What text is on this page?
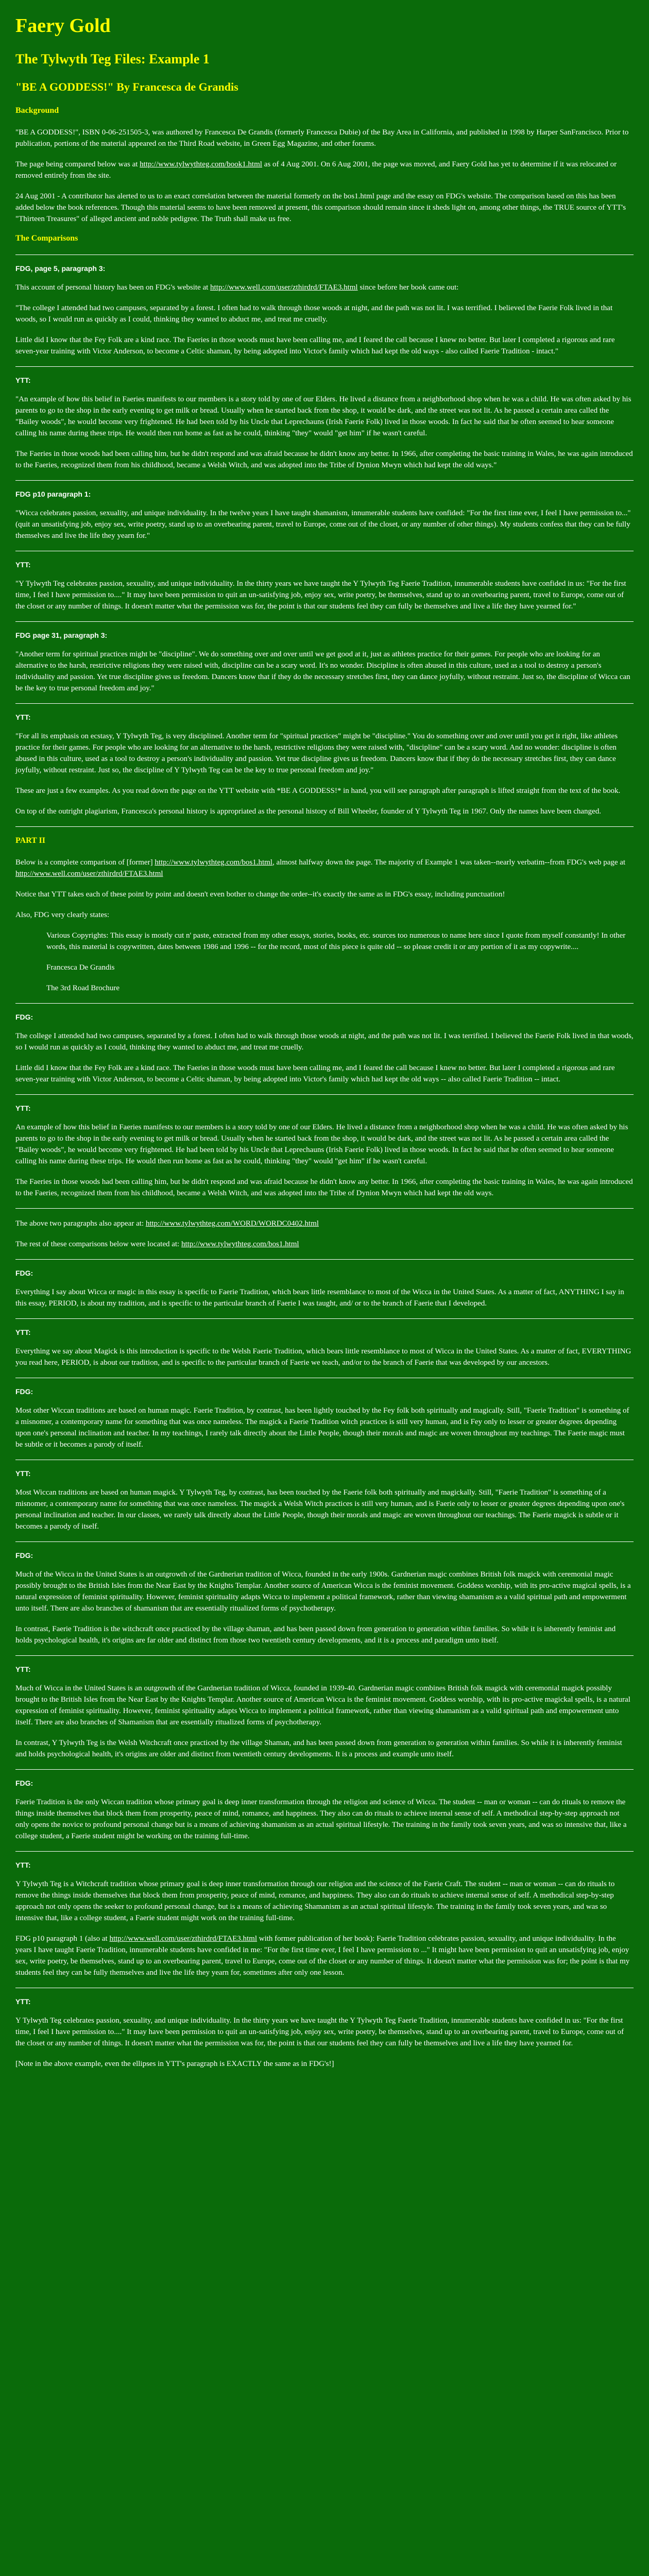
Faery Gold
The Tylwyth Teg Files: Example 1
"BE A GODDESS!" By Francesca de Grandis
Background

"BE A GODDESS!", ISBN 0-06-251505-3, was authored by Francesca De Grandis (formerly Francesca Dubie) of the Bay Area in California, and published in 1998 by Harper SanFrancisco. Prior to publication, portions of the material appeared on the Third Road website, in Green Egg Magazine, and other forums.

The page being compared below was at http://www.tylwythteg.com/book1.html as of 4 Aug 2001. On 6 Aug 2001, the page was moved, and Faery Gold has yet to determine if it was relocated or removed entirely from the site.

24 Aug 2001 - A contributor has alerted to us to an exact correlation between the material formerly on the bos1.html page and the essay on FDG's website. The comparison based on this has been added below the book references. Though this material seems to have been removed at present, this comparison should remain since it sheds light on, among other things, the TRUE source of YTT's "Thirteen Treasures" of alleged ancient and noble pedigree. The Truth shall make us free.

The Comparisons
FDG, page 5, paragraph 3:

This account of personal history has been on FDG's website at http://www.well.com/user/zthirdrd/FTAE3.html since before her book came out:

"The college I attended had two campuses, separated by a forest. I often had to walk through those woods at night, and the path was not lit. I was terrified. I believed the Faerie Folk lived in that woods, so I would run as quickly as I could, thinking they wanted to abduct me, and treat me cruelly.

Little did I know that the Fey Folk are a kind race. The Faeries in those woods must have been calling me, and I feared the call because I knew no better. But later I completed a rigorous and rare seven-year training with Victor Anderson, to become a Celtic shaman, by being adopted into Victor's family which had kept the old ways - also called Faerie Tradition - intact."

YTT:

"An example of how this belief in Faeries manifests to our members is a story told by one of our Elders. He lived a distance from a neighborhood shop when he was a child. He was often asked by his parents to go to the shop in the early evening to get milk or bread. Usually when he started back from the shop, it would be dark, and the street was not lit. As he passed a certain area called the "Bailey woods", he would become very frightened. He had been told by his Uncle that Leprechauns (Irish Faerie Folk) lived in those woods. In fact he said that he often seemed to hear someone calling his name during these trips. He would then run home as fast as he could, thinking "they" would "get him" if he wasn't careful.

The Faeries in those woods had been calling him, but he didn't respond and was afraid because he didn't know any better. In 1966, after completing the basic training in Wales, he was again introduced to the Faeries, recognized them from his childhood, became a Welsh Witch, and was adopted into the Tribe of Dynion Mwyn which had kept the old ways."

FDG p10 paragraph 1:

"Wicca celebrates passion, sexuality, and unique individuality. In the twelve years I have taught shamanism, innumerable students have confided: "For the first time ever, I feel I have permission to..." (quit an unsatisfying job, enjoy sex, write poetry, stand up to an overbearing parent, travel to Europe, come out of the closet, or any number of other things). My students confess that they can be fully themselves and live the life they yearn for."

YTT:

"Y Tylwyth Teg celebrates passion, sexuality, and unique individuality. In the thirty years we have taught the Y Tylwyth Teg Faerie Tradition, innumerable students have confided in us: "For the first time, I feel I have permission to...." It may have been permission to quit an un-satisfying job, enjoy sex, write poetry, be themselves, stand up to an overbearing parent, travel to Europe, come out of the closet or any number of things. It doesn't matter what the permission was for, the point is that our students feel they can fully be themselves and live a life they have yearned for."

FDG page 31, paragraph 3:

"Another term for spiritual practices might be "discipline". We do something over and over until we get good at it, just as athletes practice for their games. For people who are looking for an alternative to the harsh, restrictive religions they were raised with, discipline can be a scary word. It's no wonder. Discipline is often abused in this culture, used as a tool to destroy a person's individuality and passion. Yet true discipline gives us freedom. Dancers know that if they do the necessary stretches first, they can dance joyfully, without restraint. Just so, the discipline of Wicca can be the key to true personal freedom and joy."

YTT:

"For all its emphasis on ecstasy, Y Tylwyth Teg, is very disciplined. Another term for "spiritual practices" might be "discipline." You do something over and over until you get it right, like athletes practice for their games. For people who are looking for an alternative to the harsh, restrictive religions they were raised with, "discipline" can be a scary word. And no wonder: discipline is often abused in this culture, used as a tool to destroy a person's individuality and passion. Yet true discipline gives us freedom. Dancers know that if they do the necessary stretches first, they can dance joyfully, without restraint. Just so, the discipline of Y Tylwyth Teg can be the key to true personal freedom and joy."

These are just a few examples. As you read down the page on the YTT website with *BE A GODDESS!* in hand, you will see paragraph after paragraph is lifted straight from the text of the book.

On top of the outright plagiarism, Francesca's personal history is appropriated as the personal history of Bill Wheeler, founder of Y Tylwyth Teg in 1967. Only the names have been changed.

PART II

Below is a complete comparison of [former] http://www.tylwythteg.com/bos1.html, almost halfway down the page. The majority of Example 1 was taken--nearly verbatim--from FDG's web page at http://www.well.com/user/zthirdrd/FTAE3.html

Notice that YTT takes each of these point by point and doesn't even bother to change the order--it's exactly the same as in FDG's essay, including punctuation!

Also, FDG very clearly states:

Various Copyrights: This essay is mostly cut n' paste, extracted from my other essays, stories, books, etc. sources too numerous to name here since I quote from myself constantly! In other words, this material is copywritten, dates between 1986 and 1996 -- for the record, most of this piece is quite old -- so please credit it or any portion of it as my copywrite....

Francesca De Grandis

The 3rd Road Brochure

FDG:

The college I attended had two campuses, separated by a forest. I often had to walk through those woods at night, and the path was not lit. I was terrified. I believed the Faerie Folk lived in that woods, so I would run as quickly as I could, thinking they wanted to abduct me, and treat me cruelly.

Little did I know that the Fey Folk are a kind race. The Faeries in those woods must have been calling me, and I feared the call because I knew no better. But later I completed a rigorous and rare seven-year training with Victor Anderson, to become a Celtic shaman, by being adopted into Victor's family which had kept the old ways -- also called Faerie Tradition -- intact.

YTT:

An example of how this belief in Faeries manifests to our members is a story told by one of our Elders. He lived a distance from a neighborhood shop when he was a child. He was often asked by his parents to go to the shop in the early evening to get milk or bread. Usually when he started back from the shop, it would be dark, and the street was not lit. As he passed a certain area called the "Bailey woods", he would become very frightened. He had been told by his Uncle that Leprechauns (Irish Faerie Folk) lived in those woods. In fact he said that he often seemed to hear someone calling his name during these trips. He would then run home as fast as he could, thinking "they" would "get him" if he wasn't careful.

The Faeries in those woods had been calling him, but he didn't respond and was afraid because he didn't know any better. In 1966, after completing the basic training in Wales, he was again introduced to the Faeries, recognized them from his childhood, became a Welsh Witch, and was adopted into the Tribe of Dynion Mwyn which had kept the old ways.

The above two paragraphs also appear at: http://www.tylwythteg.com/WORD/WORDC0402.html

The rest of these comparisons below were located at: http://www.tylwythteg.com/bos1.html

FDG:

Everything I say about Wicca or magic in this essay is specific to Faerie Tradition, which bears little resemblance to most of the Wicca in the United States. As a matter of fact, ANYTHING I say in this essay, PERIOD, is about my tradition, and is specific to the particular branch of Faerie I was taught, and/ or to the branch of Faerie that I developed.

YTT:

Everything we say about Magick is this introduction is specific to the Welsh Faerie Tradition, which bears little resemblance to most of Wicca in the United States. As a matter of fact, EVERYTHING you read here, PERIOD, is about our tradition, and is specific to the particular branch of Faerie we teach, and/or to the branch of Faerie that was developed by our ancestors.

FDG:

Most other Wiccan traditions are based on human magic. Faerie Tradition, by contrast, has been lightly touched by the Fey folk both spiritually and magically. Still, "Faerie Tradition" is something of a misnomer, a contemporary name for something that was once nameless. The magick a Faerie Tradition witch practices is still very human, and is Fey only to lesser or greater degrees depending upon one's personal inclination and teacher. In my teachings, I rarely talk directly about the Little People, though their morals and magic are woven throughout my teachings. The Faerie magic must be subtle or it becomes a parody of itself.

YTT:

Most Wiccan traditions are based on human magick. Y Tylwyth Teg, by contrast, has been touched by the Faerie folk both spiritually and magickally. Still, "Faerie Tradition" is something of a misnomer, a contemporary name for something that was once nameless. The magick a Welsh Witch practices is still very human, and is Faerie only to lesser or greater degrees depending upon one's personal inclination and teacher. In our classes, we rarely talk directly about the Little People, though their morals and magic are woven throughout our teachings. The Faerie magick is subtle or it becomes a parody of itself.

FDG:

Much of the Wicca in the United States is an outgrowth of the Gardnerian tradition of Wicca, founded in the early 1900s. Gardnerian magic combines British folk magick with ceremonial magic possibly brought to the British Isles from the Near East by the Knights Templar. Another source of American Wicca is the feminist movement. Goddess worship, with its pro-active magical spells, is a natural expression of feminist spirituality. However, feminist spirituality adapts Wicca to implement a political framework, rather than viewing shamanism as a valid spiritual path and empowerment unto itself. There are also branches of shamanism that are essentially ritualized forms of psychotherapy.

In contrast, Faerie Tradition is the witchcraft once practiced by the village shaman, and has been passed down from generation to generation within families. So while it is inherently feminist and holds psychological health, it's origins are far older and distinct from those two twentieth century developments, and it is a process and paradigm unto itself.

YTT:

Much of Wicca in the United States is an outgrowth of the Gardnerian tradition of Wicca, founded in 1939-40. Gardnerian magic combines British folk magick with ceremonial magick possibly brought to the British Isles from the Near East by the Knights Templar. Another source of American Wicca is the feminist movement. Goddess worship, with its pro-active magickal spells, is a natural expression of feminist spirituality. However, feminist spirituality adapts Wicca to implement a political framework, rather than viewing shamanism as a valid spiritual path and empowerment unto itself. There are also branches of Shamanism that are essentially ritualized forms of psychotherapy.

In contrast, Y Tylwyth Teg is the Welsh Witchcraft once practiced by the village Shaman, and has been passed down from generation to generation within families. So while it is inherently feminist and holds psychological health, it's origins are older and distinct from twentieth century developments. It is a process and example unto itself.

FDG:

Faerie Tradition is the only Wiccan tradition whose primary goal is deep inner transformation through the religion and science of Wicca. The student -- man or woman -- can do rituals to remove the things inside themselves that block them from prosperity, peace of mind, romance, and happiness. They also can do rituals to achieve internal sense of self. A methodical step-by-step approach not only opens the novice to profound personal change but is a means of achieving shamanism as an actual spiritual lifestyle. The training in the family took seven years, and was so intensive that, like a college student, a Faerie student might be working on the training full-time.

YTT:

Y Tylwyth Teg is a Witchcraft tradition whose primary goal is deep inner transformation through our religion and the science of the Faerie Craft. The student -- man or woman -- can do rituals to remove the things inside themselves that block them from prosperity, peace of mind, romance, and happiness. They also can do rituals to achieve internal sense of self. A methodical step-by-step approach not only opens the seeker to profound personal change, but is a means of achieving Shamanism as an actual spiritual lifestyle. The training in the family took seven years, and was so intensive that, like a college student, a Faerie student might work on the training full-time.

FDG p10 paragraph 1 (also at http://www.well.com/user/zthirdrd/FTAE3.html with former publication of her book): Faerie Tradition celebrates passion, sexuality, and unique individuality. In the years I have taught Faerie Tradition, innumerable students have confided in me: "For the first time ever, I feel I have permission to ..." It might have been permission to quit an unsatisfying job, enjoy sex, write poetry, be themselves, stand up to an overbearing parent, travel to Europe, come out of the closet or any number of things. It doesn't matter what the permission was for; the point is that my students feel they can be fully themselves and live the life they yearn for, sometimes after only one lesson.

YTT:

Y Tylwyth Teg celebrates passion, sexuality, and unique individuality. In the thirty years we have taught the Y Tylwyth Teg Faerie Tradition, innumerable students have confided in us: "For the first time, I feel I have permission to...." It may have been permission to quit an un-satisfying job, enjoy sex, write poetry, be themselves, stand up to an overbearing parent, travel to Europe, come out of the closet or any number of things. It doesn't matter what the permission was for, the point is that our students feel they can fully be themselves and live a life they have yearned for.

[Note in the above example, even the ellipses in YTT's paragraph is EXACTLY the same as in FDG's!]
